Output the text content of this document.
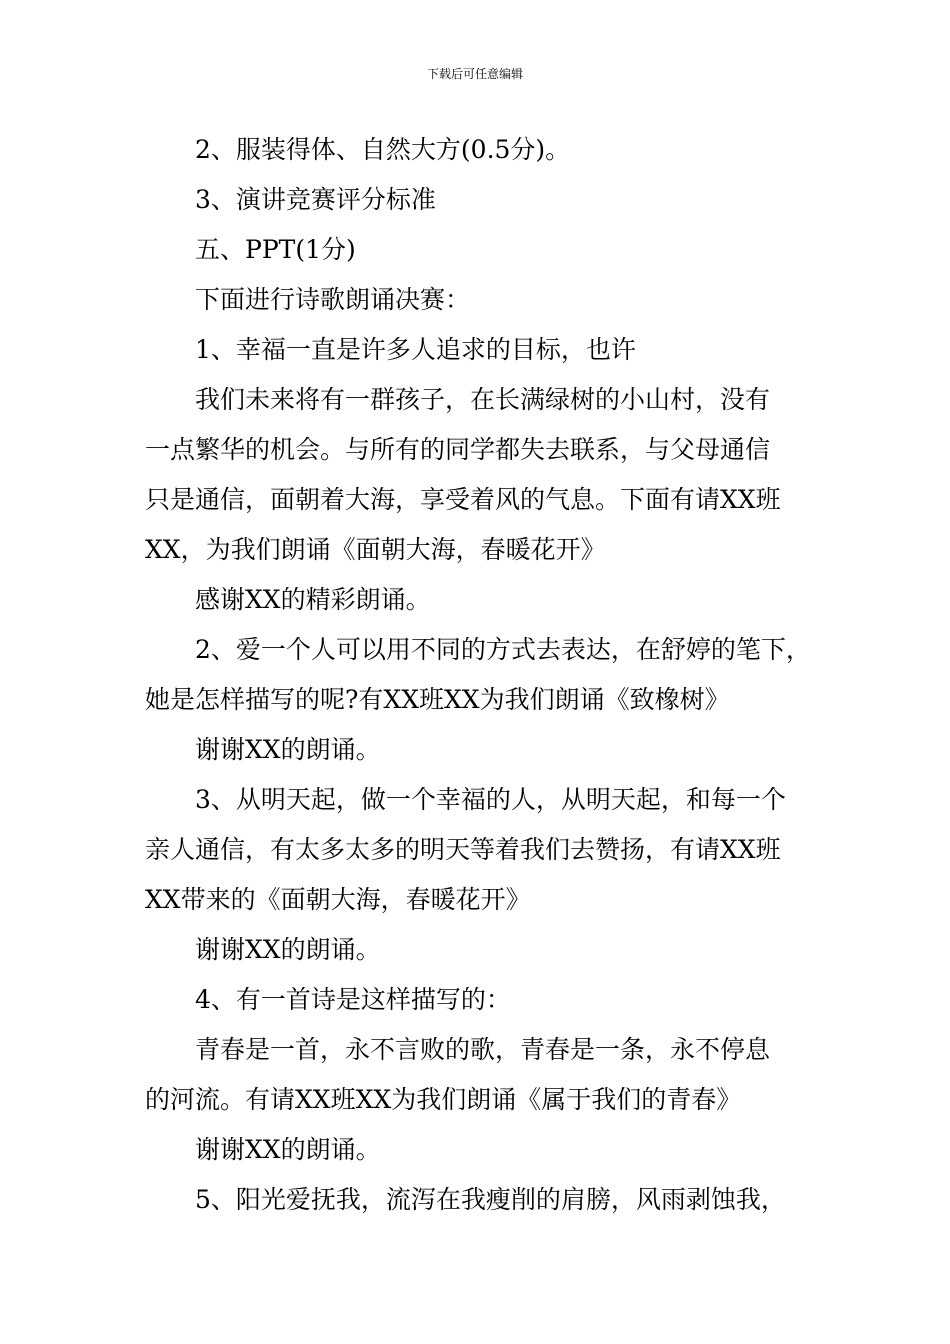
下载后可任意编辑
2、服装得体、自然大方(0.5分)。
3、演讲竞赛评分标准
五、PPT(1分)
下面进行诗歌朗诵决赛：
1、幸福一直是许多人追求的目标，也许
我们未来将有一群孩子，在长满绿树的小山村，没有
一点繁华的机会。与所有的同学都失去联系，与父母通信
只是通信，面朝着大海，享受着风的气息。下面有请XX班
XX，为我们朗诵《面朝大海，春暖花开》
感谢XX的精彩朗诵。
2、爱一个人可以用不同的方式去表达，在舒婷的笔下，
她是怎样描写的呢?有XX班XX为我们朗诵《致橡树》
谢谢XX的朗诵。
3、从明天起，做一个幸福的人，从明天起，和每一个
亲人通信，有太多太多的明天等着我们去赞扬，有请XX班
XX带来的《面朝大海，春暖花开》
谢谢XX的朗诵。
4、有一首诗是这样描写的：
青春是一首，永不言败的歌，青春是一条，永不停息
的河流。有请XX班XX为我们朗诵《属于我们的青春》
谢谢XX的朗诵。
5、阳光爱抚我，流泻在我瘦削的肩膀，风雨剥蚀我，
